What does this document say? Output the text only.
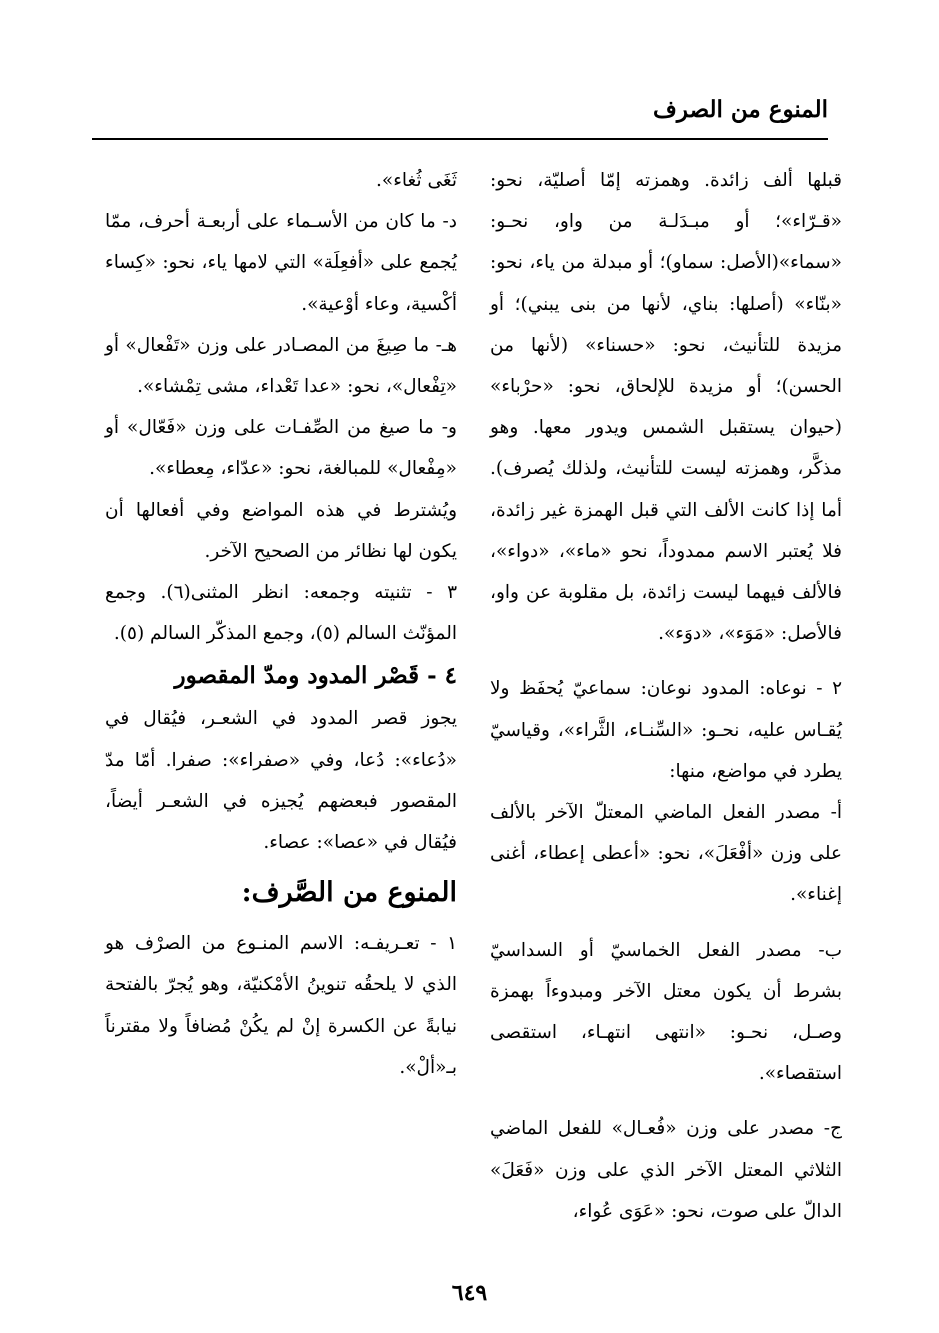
المنوع من الصرف

قبلها ألف زائدة. وهمزته إمّا أصليّة، نحو: «قـرّاء»؛ أو مبـدَلـة من واو، نحـو: «سماء»(الأصل: سماو)؛ أو مبدلة من ياء، نحو: «بنّاء» (أصلها: بناي، لأنها من بنى يبني)؛ أو مزيدة للتأنيث، نحو: «حسناء» (لأنها من الحسن)؛ أو مزيدة للإلحاق، نحو: «حرْباء» (حيوان يستقبل الشمس ويدور معها. وهو مذكَّر، وهمزته ليست للتأنيث، ولذلك يُصرف). أما إذا كانت الألف التي قبل الهمزة غير زائدة، فلا يُعتبر الاسم ممدوداً، نحو «ماء»، «دواء»، فالألف فيهما ليست زائدة، بل مقلوبة عن واو، فالأصل: «مَوَء»، «دوَء».

٢ - نوعاه: المدود نوعان: سماعيّ يُحفَظ ولا يُقـاس عليه، نحـو: «السِّنـاء، الثَّراء»، وقياسيّ يطرد في مواضع، منها:

أ- مصدر الفعل الماضي المعتلّ الآخر بالألف على وزن «أفْعَلَ»، نحو: «أعطى إعطاء، أغنى إغناء».

ب- مصدر الفعل الخماسيّ أو السداسيّ بشرط أن يكون معتل الآخر ومبدوءاً بهمزة وصـل، نحـو: «انتهى انتهـاء، استقصى استقصاء».

ج- مصدر على وزن «فُعـال» للفعل الماضي الثلاثي المعتل الآخر الذي على وزن «فَعَلَ» الدالّ على صوت، نحو: «عَوَى عُواء،

ثَغَى ثُغاء».

د- ما كان من الأسـماء على أربعـة أحرف، ممّا يُجمع على «أفعِلَة» التي لامها ياء، نحو: «كِساء أكْسية، وعاء أوْعية».

هـ- ما صِيغَ من المصـادر على وزن «تَفْعال» أو «تِفْعال»، نحو: «عدا تَعْداء، مشى تِمْشاء».

و- ما صيغ من الصِّفـات على وزن «فَعّال» أو «مِفْعال» للمبالغة، نحو: «عدّاء، مِعطاء».

ويُشترط في هذه المواضع وفي أفعالها أن يكون لها نظائر من الصحيح الآخر.

٣ - تثنيته وجمعه: انظر المثنى(٦). وجمع المؤنّث السالم (٥)، وجمع المذكّر السالم (٥).

٤ - قَصْر المدود ومدّ المقصور

يجوز قصر المدود في الشعـر، فيُقال في «دُعاء»: دُعا، وفي «صفراء»: صفرا. أمّا مدّ المقصور فبعضهم يُجيزه في الشعـر أيضاً، فيُقال في «عصا»: عصاء.

المنوع من الصَّرف:

١ - تعـريفـه: الاسم المنـوع من الصرْف هو الذي لا يلحقُه تنوينُ الأمْكنيّة، وهو يُجرّ بالفتحة نيابةً عن الكسرة إنْ لم يكُنْ مُضافاً ولا مقترناً بـ«ألْ».

٦٤٩
